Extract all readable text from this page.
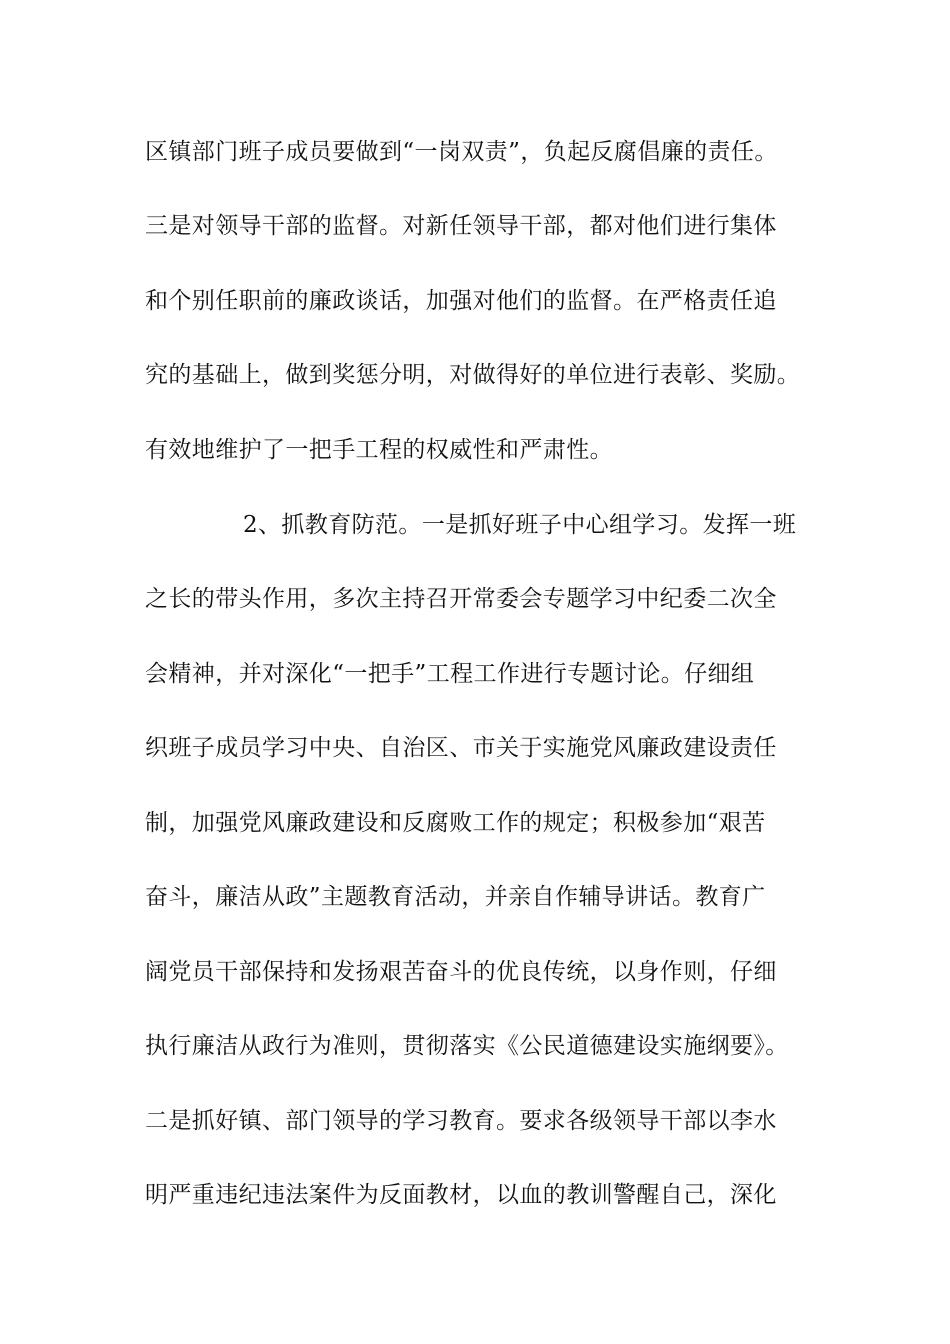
区镇部门班子成员要做到“一岗双责”，负起反腐倡廉的责任。
三是对领导干部的监督。对新任领导干部，都对他们进行集体
和个别任职前的廉政谈话，加强对他们的监督。在严格责任追
究的基础上，做到奖惩分明，对做得好的单位进行表彰、奖励。
有效地维护了一把手工程的权威性和严肃性。
2、抓教育防范。一是抓好班子中心组学习。发挥一班
之长的带头作用，多次主持召开常委会专题学习中纪委二次全
会精神，并对深化“一把手”工程工作进行专题讨论。仔细组
织班子成员学习中央、自治区、市关于实施党风廉政建设责任
制，加强党风廉政建设和反腐败工作的规定；积极参加“艰苦
奋斗，廉洁从政”主题教育活动，并亲自作辅导讲话。教育广
阔党员干部保持和发扬艰苦奋斗的优良传统，以身作则，仔细
执行廉洁从政行为准则，贯彻落实《公民道德建设实施纲要》。
二是抓好镇、部门领导的学习教育。要求各级领导干部以李水
明严重违纪违法案件为反面教材，以血的教训警醒自己，深化
